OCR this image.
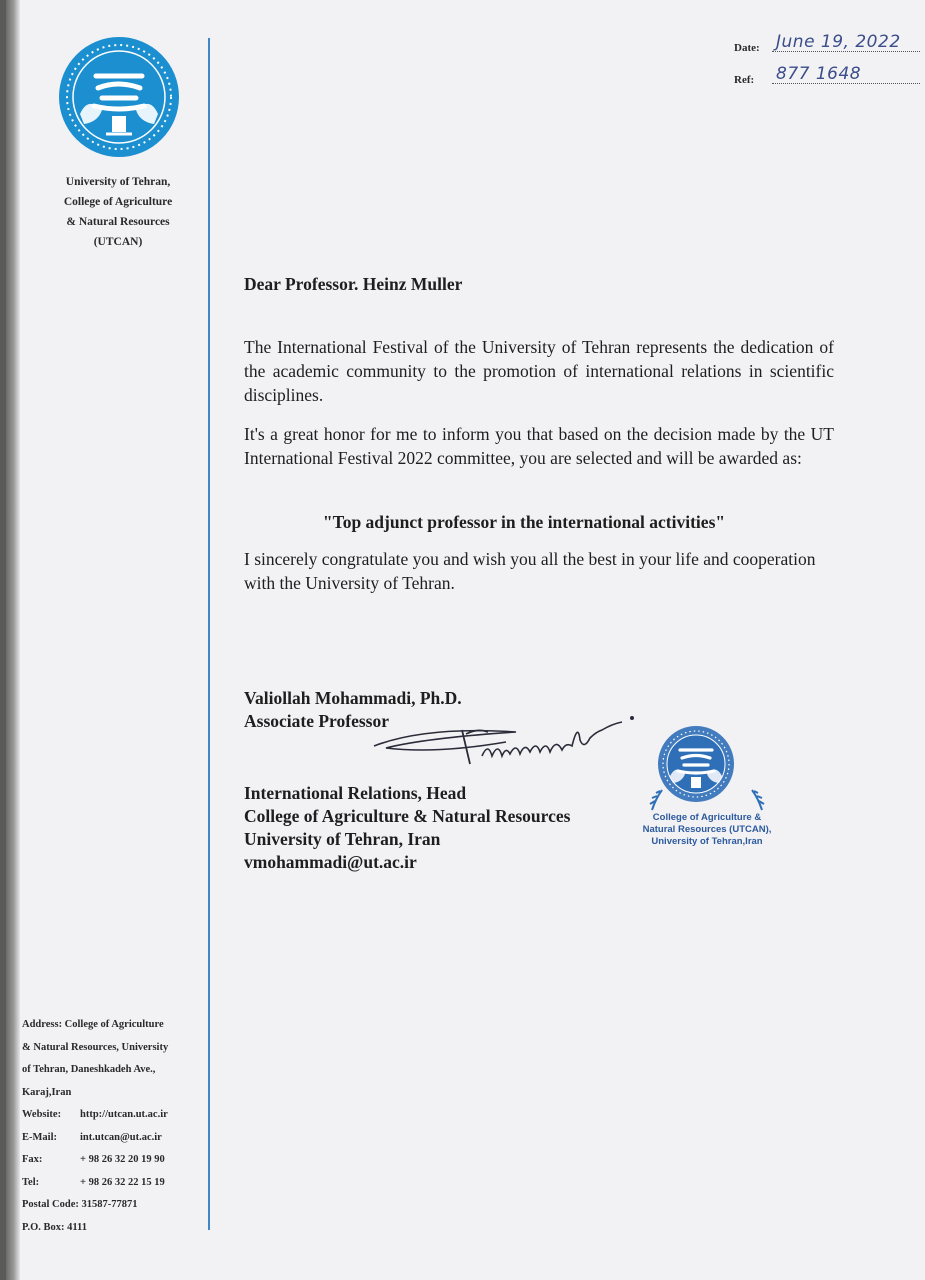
University of Tehran,
College of Agriculture
& Natural Resources
(UTCAN)
Date: June 19, 2022
Ref: 877 1648
Dear Professor. Heinz Muller
The International Festival of the University of Tehran represents the dedication of the academic community to the promotion of international relations in scientific disciplines.
It's a great honor for me to inform you that based on the decision made by the UT International Festival 2022 committee, you are selected and will be awarded as:
"Top adjunct professor in the international activities"
I sincerely congratulate you and wish you all the best in your life and cooperation with the University of Tehran.
Valiollah Mohammadi, Ph.D.
Associate Professor
International Relations, Head
College of Agriculture & Natural Resources
University of Tehran, Iran
vmohammadi@ut.ac.ir
College of Agriculture &
Natural Resources (UTCAN),
University of Tehran,Iran
Address: College of Agriculture
& Natural Resources, University
of Tehran, Daneshkadeh Ave.,
Karaj,Iran
Website: http://utcan.ut.ac.ir
E-Mail: int.utcan@ut.ac.ir
Fax:	+ 98 26 32 20 19 90
Tel:	+ 98 26 32 22 15 19
Postal Code: 31587-77871
P.O. Box: 4111
